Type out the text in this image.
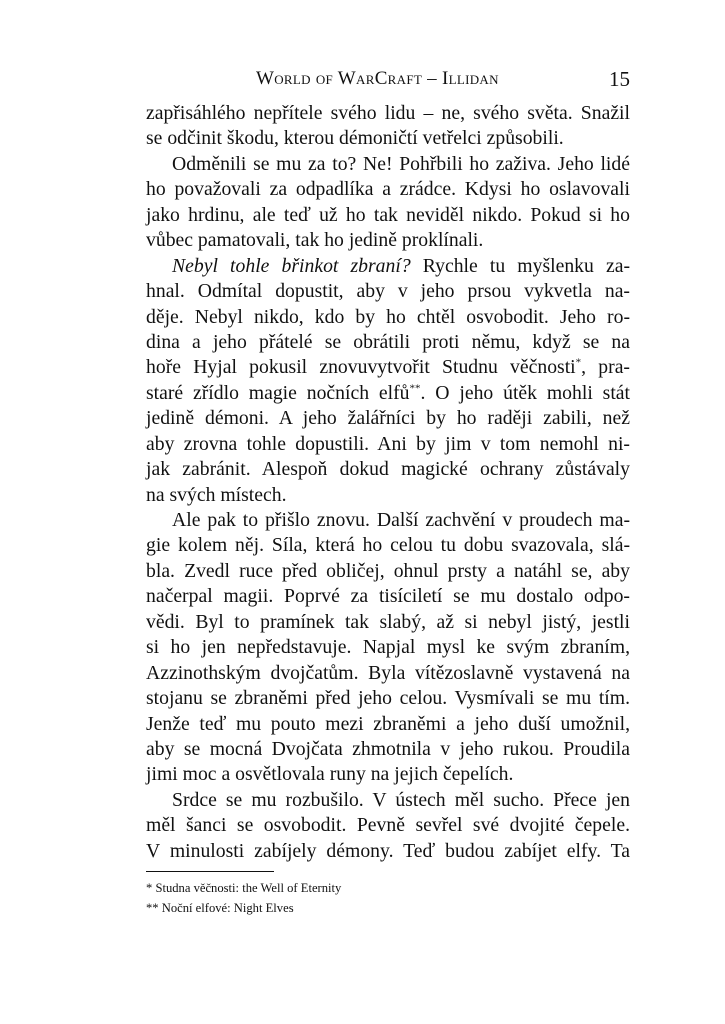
World of WarCraft – Illidan	15
zapřisáhlého nepřítele svého lidu – ne, svého světa. Snažil
se odčinit škodu, kterou démoničtí vetřelci způsobili.
Odměnili se mu za to? Ne! Pohřbili ho zaživa. Jeho lidé
ho považovali za odpadlíka a zrádce. Kdysi ho oslavovali
jako hrdinu, ale teď už ho tak neviděl nikdo. Pokud si ho
vůbec pamatovali, tak ho jedině proklínali.
Nebyl tohle břinkot zbraní? Rychle tu myšlenku za-
hnal. Odmítal dopustit, aby v jeho prsou vykvetla na-
děje. Nebyl nikdo, kdo by ho chtěl osvobodit. Jeho ro-
dina a jeho přátelé se obrátili proti němu, když se na
hoře Hyjal pokusil znovuvytvořit Studnu věčnosti*, pra-
staré zřídlo magie nočních elfů**. O jeho útěk mohli stát
jedině démoni. A jeho žalářníci by ho raději zabili, než
aby zrovna tohle dopustili. Ani by jim v tom nemohl ni-
jak zabránit. Alespoň dokud magické ochrany zůstávaly
na svých místech.
Ale pak to přišlo znovu. Další zachvění v proudech ma-
gie kolem něj. Síla, která ho celou tu dobu svazovala, slá-
bla. Zvedl ruce před obličej, ohnul prsty a natáhl se, aby
načerpal magii. Poprvé za tisíciletí se mu dostalo odpo-
vědi. Byl to pramínek tak slabý, až si nebyl jistý, jestli
si ho jen nepředstavuje. Napjal mysl ke svým zbraním,
Azzinothským dvojčatům. Byla vítězoslavně vystavená na
stojanu se zbraněmi před jeho celou. Vysmívali se mu tím.
Jenže teď mu pouto mezi zbraněmi a jeho duší umožnil,
aby se mocná Dvojčata zhmotnila v jeho rukou. Proudila
jimi moc a osvětlovala runy na jejich čepelích.
Srdce se mu rozbušilo. V ústech měl sucho. Přece jen
měl šanci se osvobodit. Pevně sevřel své dvojité čepele.
V minulosti zabíjely démony. Teď budou zabíjet elfy. Ta
* Studna věčnosti: the Well of Eternity
** Noční elfové: Night Elves
